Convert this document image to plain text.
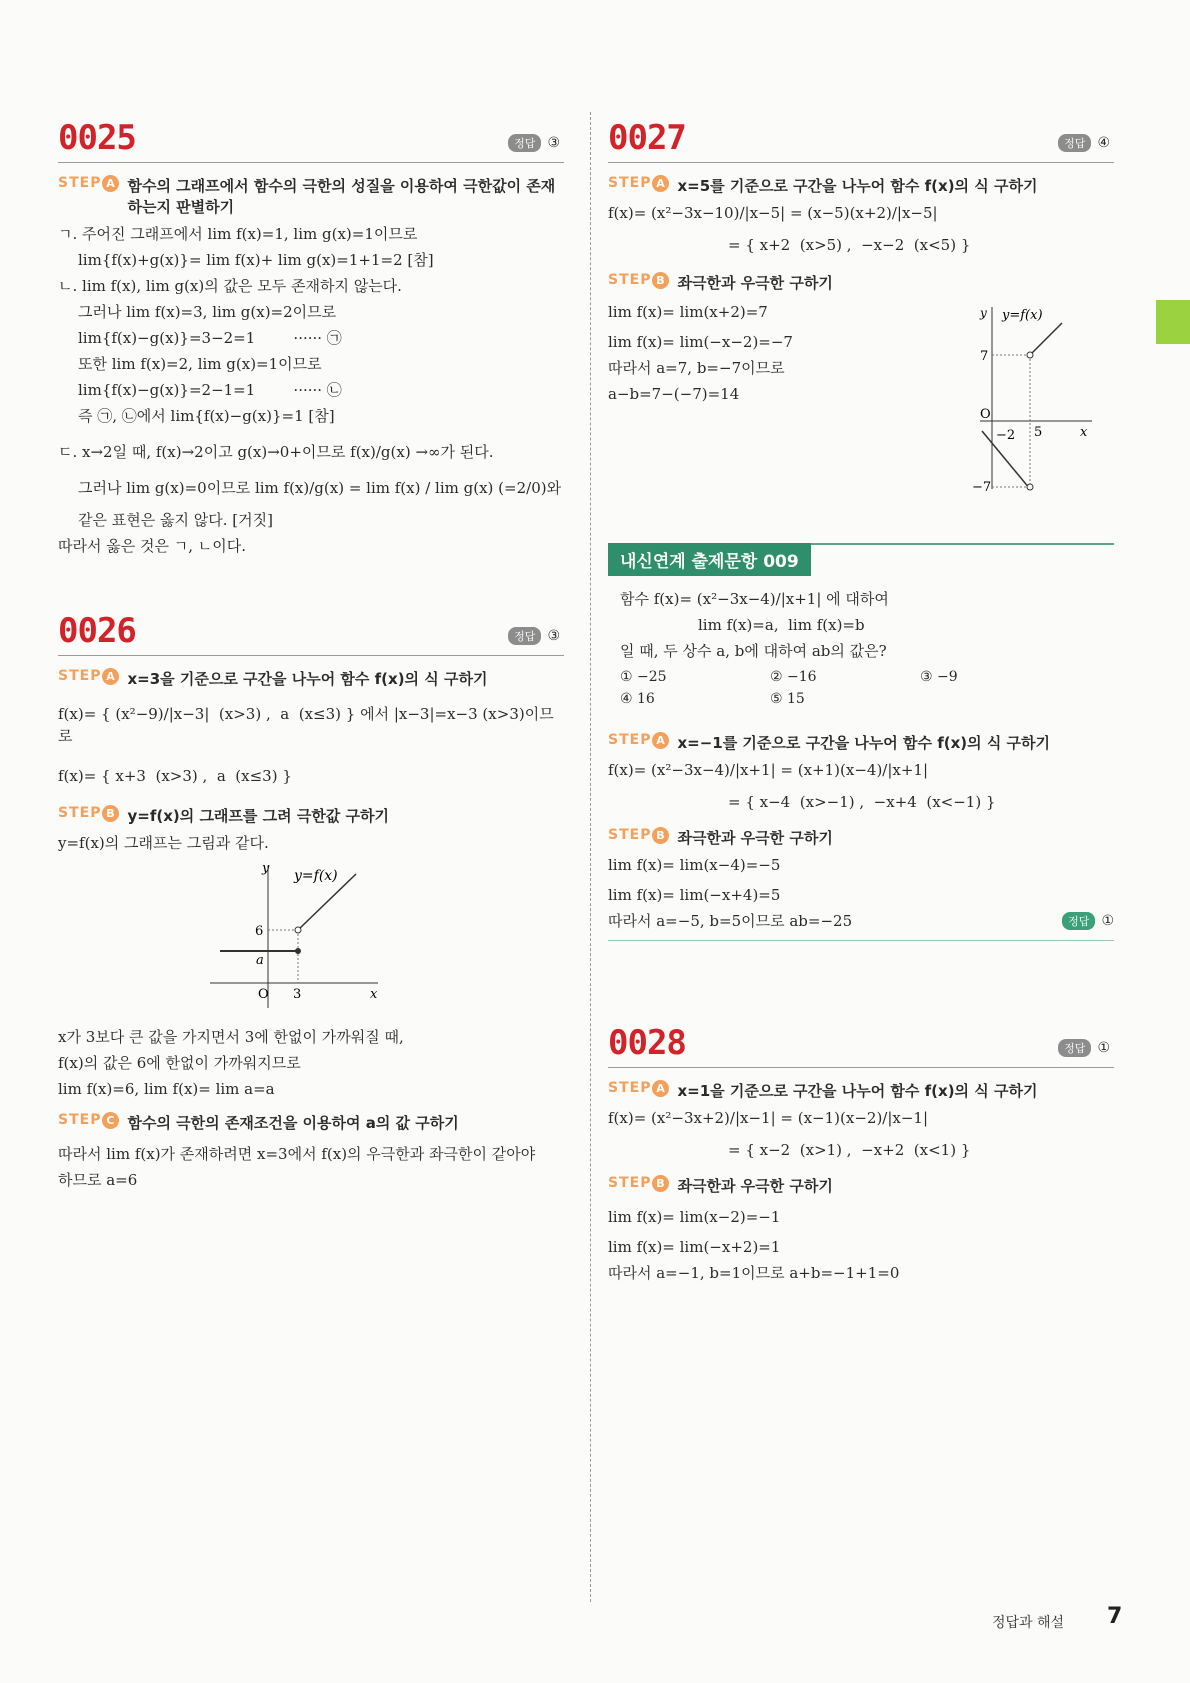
0025	정답 ③
STEP A 함수의 그래프에서 함수의 극한의 성질을 이용하여 극한값이 존재하는지 판별하기
ㄱ. 주어진 그래프에서 lim f(x)=1, lim g(x)=1이므로
lim{f(x)+g(x)}= lim f(x)+ lim g(x)=1+1=2 [참]
ㄴ. lim f(x), lim g(x)의 값은 모두 존재하지 않는다.
그러나 lim f(x)=3, lim g(x)=2이므로
lim{f(x)−g(x)}=3−2=1        ······ ㉠
또한 lim f(x)=2, lim g(x)=1이므로
lim{f(x)−g(x)}=2−1=1        ······ ㉡
즉 ㉠, ㉡에서 lim{f(x)−g(x)}=1 [참]
ㄷ. x→2일 때, f(x)→2이고 g(x)→0+이므로 f(x)/g(x) →∞가 된다.
그러나 lim g(x)=0이므로 lim f(x)/g(x) = lim f(x) / lim g(x) (=2/0)와
같은 표현은 옳지 않다. [거짓]
따라서 옳은 것은 ㄱ, ㄴ이다.
0026	정답 ③
STEP A x=3을 기준으로 구간을 나누어 함수 f(x)의 식 구하기
f(x)= { (x²−9)/|x−3|  (x>3) ,  a  (x≤3) } 에서 |x−3|=x−3 (x>3)이므로
f(x)= { x+3  (x>3) ,  a  (x≤3) }
STEP B y=f(x)의 그래프를 그려 극한값 구하기
y=f(x)의 그래프는 그림과 같다.
y y=f(x)
6
a
O 3	x
x가 3보다 큰 값을 가지면서 3에 한없이 가까워질 때,
f(x)의 값은 6에 한없이 가까워지므로
lim f(x)=6, lim f(x)= lim a=a
STEP C 함수의 극한의 존재조건을 이용하여 a의 값 구하기
따라서 lim f(x)가 존재하려면 x=3에서 f(x)의 우극한과 좌극한이 같아야
하므로 a=6
0027	정답 ④
STEP A x=5를 기준으로 구간을 나누어 함수 f(x)의 식 구하기
f(x)= (x²−3x−10)/|x−5| = (x−5)(x+2)/|x−5|
= { x+2  (x>5) ,  −x−2  (x<5) }
STEP B 좌극한과 우극한 구하기
lim f(x)= lim(x+2)=7
lim f(x)= lim(−x−2)=−7
따라서 a=7, b=−7이므로
a−b=7−(−7)=14
y y=f(x)
7
O
−2 5	x
−7
내신연계 출제문항 009
함수 f(x)= (x²−3x−4)/|x+1| 에 대하여
lim f(x)=a,  lim f(x)=b
일 때, 두 상수 a, b에 대하여 ab의 값은?
① −25	② −16	③ −9
④ 16	⑤ 15
STEP A x=−1를 기준으로 구간을 나누어 함수 f(x)의 식 구하기
f(x)= (x²−3x−4)/|x+1| = (x+1)(x−4)/|x+1|
= { x−4  (x>−1) ,  −x+4  (x<−1) }
STEP B 좌극한과 우극한 구하기
lim f(x)= lim(x−4)=−5
lim f(x)= lim(−x+4)=5
따라서 a=−5, b=5이므로 ab=−25	정답 ①
0028	정답 ①
STEP A x=1을 기준으로 구간을 나누어 함수 f(x)의 식 구하기
f(x)= (x²−3x+2)/|x−1| = (x−1)(x−2)/|x−1|
= { x−2  (x>1) ,  −x+2  (x<1) }
STEP B 좌극한과 우극한 구하기
lim f(x)= lim(x−2)=−1
lim f(x)= lim(−x+2)=1
따라서 a=−1, b=1이므로 a+b=−1+1=0
정답과 해설 7
